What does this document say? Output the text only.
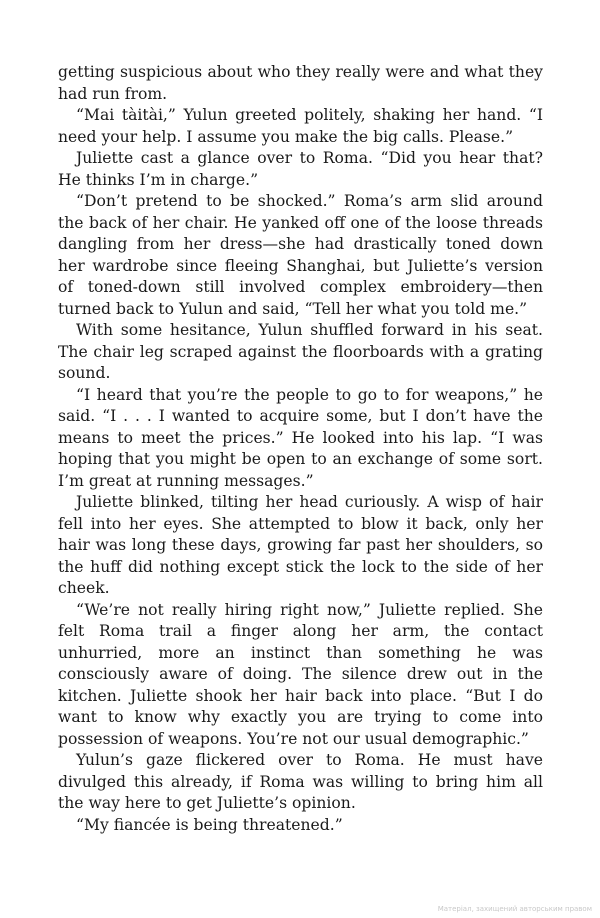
getting suspicious about who they really were and what they had run from.

“Mai tàitài,” Yulun greeted politely, shaking her hand. “I need your help. I assume you make the big calls. Please.”

Juliette cast a glance over to Roma. “Did you hear that? He thinks I’m in charge.”

“Don’t pretend to be shocked.” Roma’s arm slid around the back of her chair. He yanked off one of the loose threads dangling from her dress—she had drastically toned down her wardrobe since fleeing Shanghai, but Juliette’s version of toned-down still involved complex embroidery—then turned back to Yulun and said, “Tell her what you told me.”

With some hesitance, Yulun shuffled forward in his seat. The chair leg scraped against the floorboards with a grating sound.

“I heard that you’re the people to go to for weapons,” he said. “I . . . I wanted to acquire some, but I don’t have the means to meet the prices.” He looked into his lap. “I was hoping that you might be open to an exchange of some sort. I’m great at running messages.”

Juliette blinked, tilting her head curiously. A wisp of hair fell into her eyes. She attempted to blow it back, only her hair was long these days, growing far past her shoulders, so the huff did nothing except stick the lock to the side of her cheek.

“We’re not really hiring right now,” Juliette replied. She felt Roma trail a finger along her arm, the contact unhurried, more an instinct than something he was consciously aware of doing. The silence drew out in the kitchen. Juliette shook her hair back into place. “But I do want to know why exactly you are trying to come into possession of weapons. You’re not our usual demographic.”

Yulun’s gaze flickered over to Roma. He must have divulged this already, if Roma was willing to bring him all the way here to get Juliette’s opinion.

“My fiancée is being threatened.”

Матеріал, захищений авторським правом
